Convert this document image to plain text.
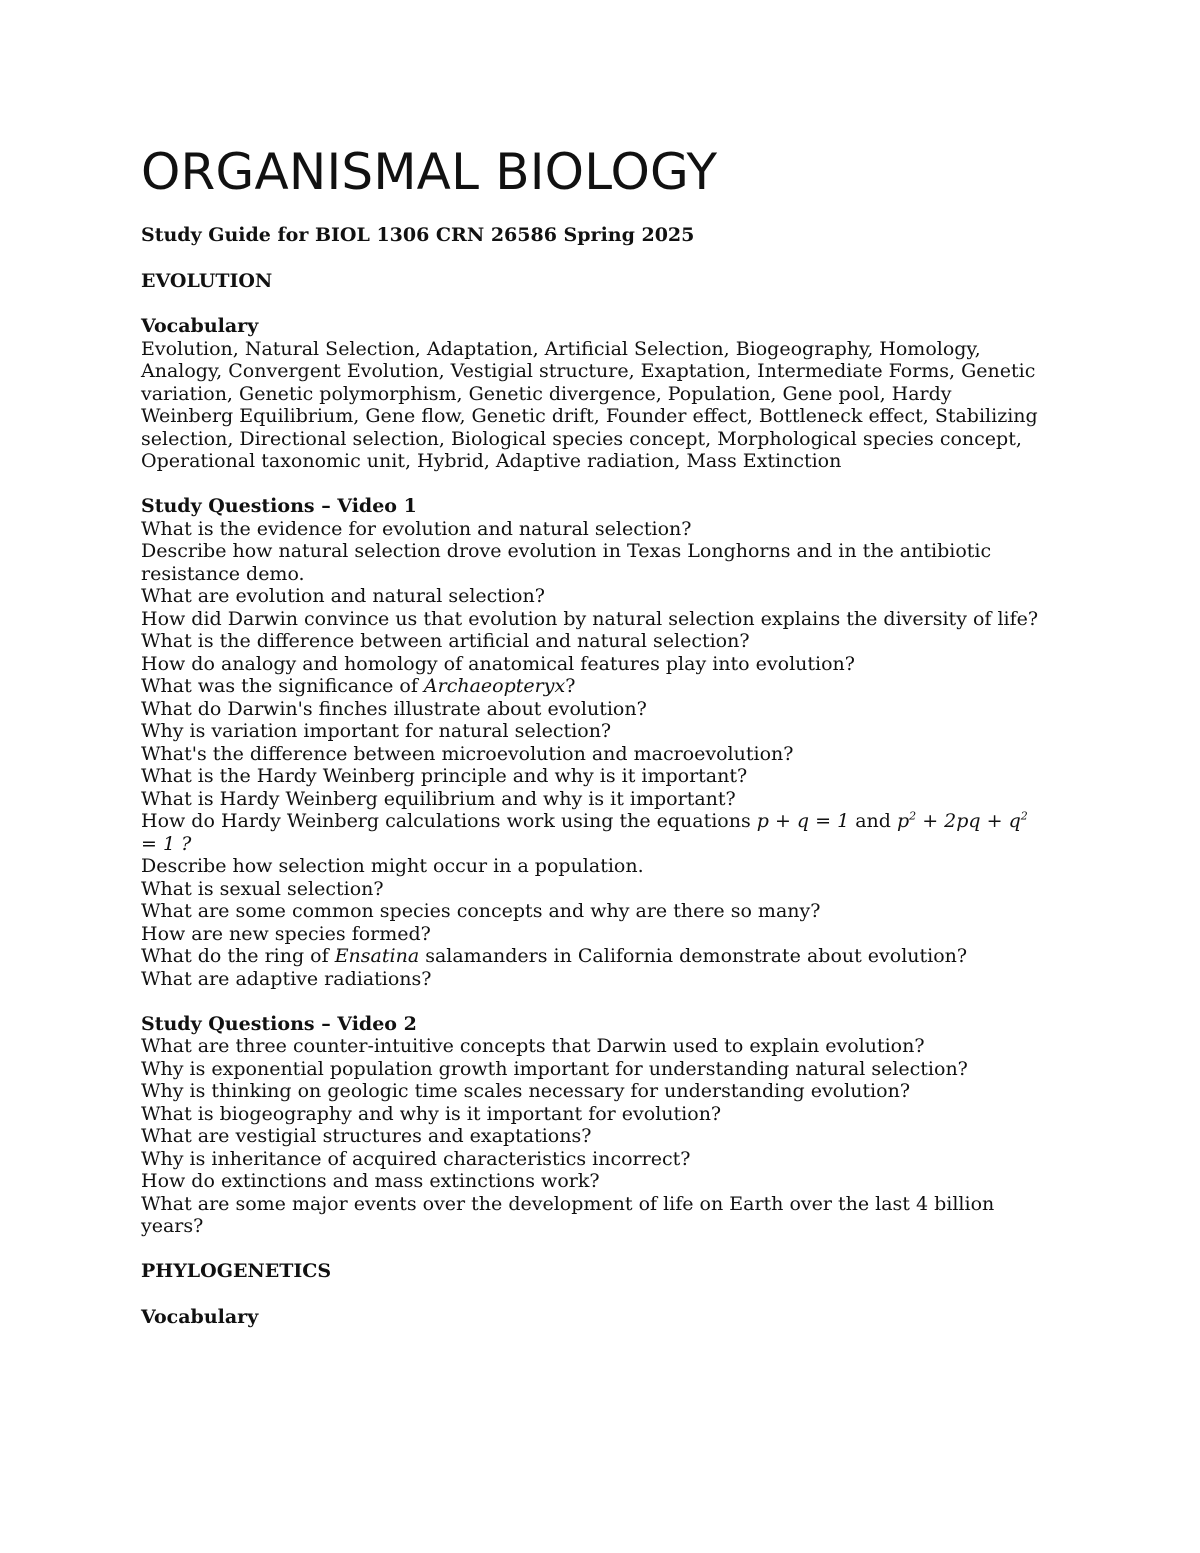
ORGANISMAL BIOLOGY

Study Guide for BIOL 1306 CRN 26586 Spring 2025

EVOLUTION

Vocabulary

Evolution, Natural Selection, Adaptation, Artificial Selection, Biogeography, Homology, Analogy, Convergent Evolution, Vestigial structure, Exaptation, Intermediate Forms, Genetic variation, Genetic polymorphism, Genetic divergence, Population, Gene pool, Hardy Weinberg Equilibrium, Gene flow, Genetic drift, Founder effect, Bottleneck effect, Stabilizing selection, Directional selection, Biological species concept, Morphological species concept, Operational taxonomic unit, Hybrid, Adaptive radiation, Mass Extinction

Study Questions – Video 1

What is the evidence for evolution and natural selection?
Describe how natural selection drove evolution in Texas Longhorns and in the antibiotic resistance demo.
What are evolution and natural selection?
How did Darwin convince us that evolution by natural selection explains the diversity of life?
What is the difference between artificial and natural selection?
How do analogy and homology of anatomical features play into evolution?
What was the significance of Archaeopteryx?
What do Darwin's finches illustrate about evolution?
Why is variation important for natural selection?
What's the difference between microevolution and macroevolution?
What is the Hardy Weinberg principle and why is it important?
What is Hardy Weinberg equilibrium and why is it important?
How do Hardy Weinberg calculations work using the equations p + q = 1 and $p^2 + 2pq + q^2 = 1$ ?
Describe how selection might occur in a population.
What is sexual selection?
What are some common species concepts and why are there so many?
How are new species formed?
What do the ring of Ensatina salamanders in California demonstrate about evolution?
What are adaptive radiations?

Study Questions – Video 2

What are three counter-intuitive concepts that Darwin used to explain evolution?
Why is exponential population growth important for understanding natural selection?
Why is thinking on geologic time scales necessary for understanding evolution?
What is biogeography and why is it important for evolution?
What are vestigial structures and exaptations?
Why is inheritance of acquired characteristics incorrect?
How do extinctions and mass extinctions work?
What are some major events over the development of life on Earth over the last 4 billion years?

PHYLOGENETICS

Vocabulary
